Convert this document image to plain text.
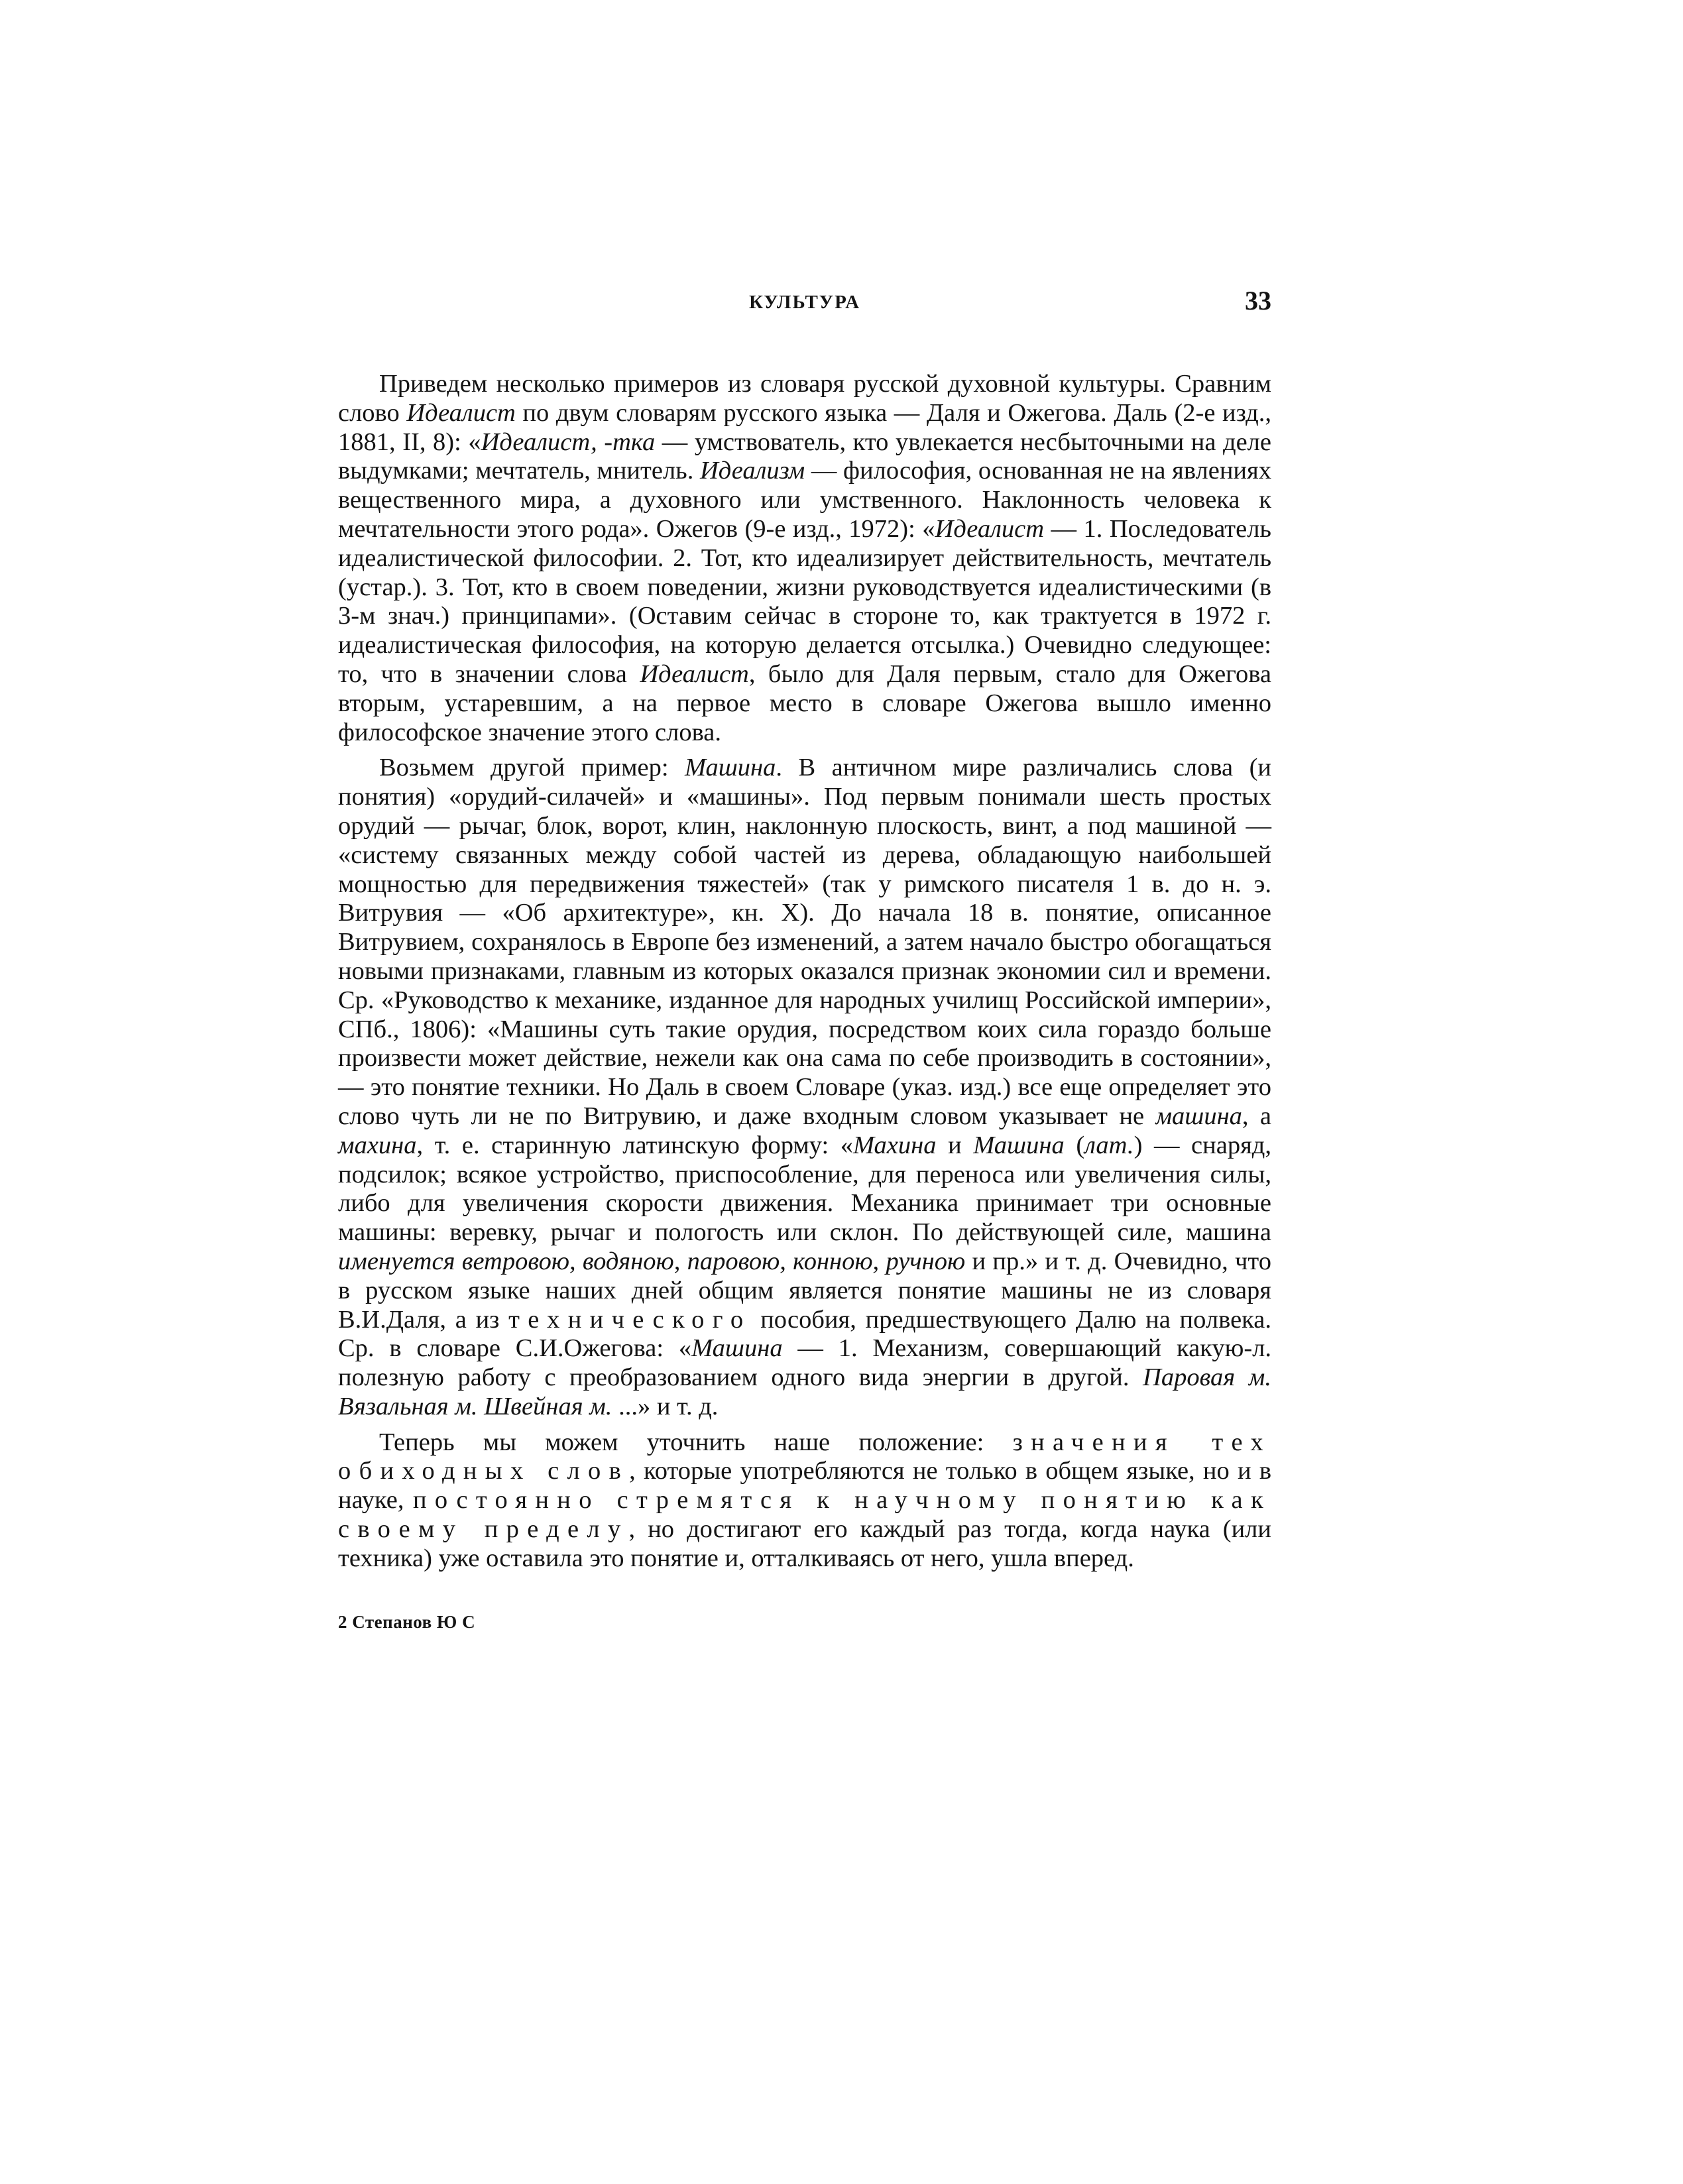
КУЛЬТУРА	33

Приведем несколько примеров из словаря русской духовной культуры. Сравним слово Идеалист по двум словарям русского языка — Даля и Ожегова. Даль (2-е изд., 1881, II, 8): «Идеалист, -тка — умствователь, кто увлекается несбыточными на деле выдумками; мечтатель, мнитель. Идеализм — философия, основанная не на явлениях вещественного мира, а духовного или умственного. Наклонность человека к мечтательности этого рода». Ожегов (9-е изд., 1972): «Идеалист — 1. Последователь идеалистической философии. 2. Тот, кто идеализирует действительность, мечтатель (устар.). 3. Тот, кто в своем поведении, жизни руководствуется идеалистическими (в 3-м знач.) принципами». (Оставим сейчас в стороне то, как трактуется в 1972 г. идеалистическая философия, на которую делается отсылка.) Очевидно следующее: то, что в значении слова Идеалист, было для Даля первым, стало для Ожегова вторым, устаревшим, а на первое место в словаре Ожегова вышло именно философское значение этого слова.

Возьмем другой пример: Машина. В античном мире различались слова (и понятия) «орудий-силачей» и «машины». Под первым понимали шесть простых орудий — рычаг, блок, ворот, клин, наклонную плоскость, винт, а под машиной — «систему связанных между собой частей из дерева, обладающую наибольшей мощностью для передвижения тяжестей» (так у римского писателя 1 в. до н. э. Витрувия — «Об архитектуре», кн. X). До начала 18 в. понятие, описанное Витрувием, сохранялось в Европе без изменений, а затем начало быстро обогащаться новыми признаками, главным из которых оказался признак экономии сил и времени. Ср. «Руководство к механике, изданное для народных училищ Российской империи», СПб., 1806): «Машины суть такие орудия, посредством коих сила гораздо больше произвести может действие, нежели как она сама по себе производить в состоянии», — это понятие техники. Но Даль в своем Словаре (указ. изд.) все еще определяет это слово чуть ли не по Витрувию, и даже входным словом указывает не машина, а махина, т. е. старинную латинскую форму: «Махина и Машина (лат.) — снаряд, подсилок; всякое устройство, приспособление, для переноса или увеличения силы, либо для увеличения скорости движения. Механика принимает три основные машины: веревку, рычаг и пологость или склон. По действующей силе, машина именуется ветровою, водяною, паровою, конною, ручною и пр.» и т. д. Очевидно, что в русском языке наших дней общим является понятие машины не из словаря В.И.Даля, а из технического пособия, предшествующего Далю на полвека. Ср. в словаре С.И.Ожегова: «Машина — 1. Механизм, совершающий какую-л. полезную работу с преобразованием одного вида энергии в другой. Паровая м. Вязальная м. Швейная м. ...» и т. д.

Теперь мы можем уточнить наше положение: значения тех обиходных слов, которые употребляются не только в общем языке, но и в науке, постоянно стремятся к научному понятию как своему пределу, но достигают его каждый раз тогда, когда наука (или техника) уже оставила это понятие и, отталкиваясь от него, ушла вперед.

2 Степанов Ю С
